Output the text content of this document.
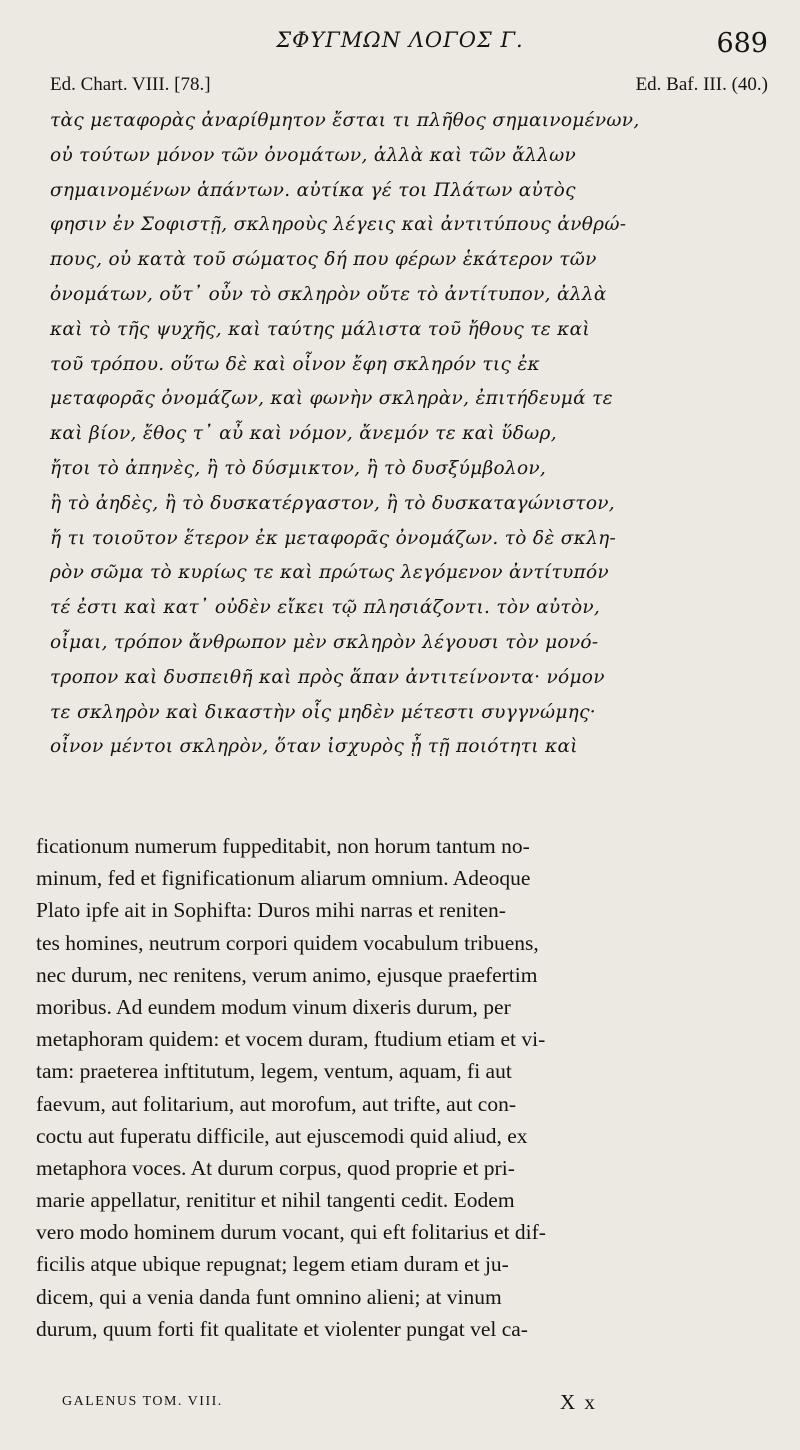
ΣΦΥΓΜΩΝ ΛΟΓΟΣ Γ.	689
Ed. Chart. VIII. [78.]	Ed. Baf. III. (40.)
τὰς μεταφορὰς ἀναρίθμητον ἔσται τι πλῆθος σημαινομένων,
οὐ τούτων μόνον τῶν ὀνομάτων, ἀλλὰ καὶ τῶν ἄλλων
σημαινομένων ἁπάντων. αὐτίκα γέ τοι Πλάτων αὐτὸς
φησιν ἐν Σοφιστῇ, σκληροὺς λέγεις καὶ ἀντιτύπους ἀνθρώ-
πους, οὐ κατὰ τοῦ σώματος δή που φέρων ἑκάτερον τῶν
ὀνομάτων, οὔτ᾽ οὖν τὸ σκληρὸν οὔτε τὸ ἀντίτυπον, ἀλλὰ
καὶ τὸ τῆς ψυχῆς, καὶ ταύτης μάλιστα τοῦ ἤθους τε καὶ
τοῦ τρόπου. οὕτω δὲ καὶ οἶνον ἔφη σκληρόν τις ἐκ
μεταφορᾶς ὀνομάζων, καὶ φωνὴν σκληρὰν, ἐπιτήδευμά τε
καὶ βίον, ἔθος τ᾽ αὖ καὶ νόμον, ἄνεμόν τε καὶ ὕδωρ,
ἤτοι τὸ ἀπηνὲς, ἢ τὸ δύσμικτον, ἢ τὸ δυσξύμβολον,
ἢ τὸ ἀηδὲς, ἢ τὸ δυσκατέργαστον, ἢ τὸ δυσκαταγώνιστον,
ἤ τι τοιοῦτον ἕτερον ἐκ μεταφορᾶς ὀνομάζων. τὸ δὲ σκλη-
ρὸν σῶμα τὸ κυρίως τε καὶ πρώτως λεγόμενον ἀντίτυπόν
τέ ἐστι καὶ κατ᾽ οὐδὲν εἴκει τῷ πλησιάζοντι. τὸν αὐτὸν,
οἶμαι, τρόπον ἄνθρωπον μὲν σκληρὸν λέγουσι τὸν μονό-
τροπον καὶ δυσπειθῆ καὶ πρὸς ἅπαν ἀντιτείνοντα· νόμον
τε σκληρὸν καὶ δικαστὴν οἷς μηδὲν μέτεστι συγγνώμης·
οἶνον μέντοι σκληρὸν, ὅταν ἰσχυρὸς ᾖ τῇ ποιότητι καὶ
ficationum numerum fuppeditabit, non horum tantum no-
minum, fed et fignificationum aliarum omnium. Adeoque
Plato ipfe ait in Sophifta: Duros mihi narras et reniten-
tes homines, neutrum corpori quidem vocabulum tribuens,
nec durum, nec renitens, verum animo, ejusque praefertim
moribus. Ad eundem modum vinum dixeris durum, per
metaphoram quidem: et vocem duram, ftudium etiam et vi-
tam: praeterea inftitutum, legem, ventum, aquam, fi aut
faevum, aut folitarium, aut morofum, aut trifte, aut con-
coctu aut fuperatu difficile, aut ejuscemodi quid aliud, ex
metaphora voces. At durum corpus, quod proprie et pri-
marie appellatur, renititur et nihil tangenti cedit. Eodem
vero modo hominem durum vocant, qui eft folitarius et dif-
ficilis atque ubique repugnat; legem etiam duram et ju-
dicem, qui a venia danda funt omnino alieni; at vinum
durum, quum forti fit qualitate et violenter pungat vel ca-
GALENUS TOM. VIII.	X x
